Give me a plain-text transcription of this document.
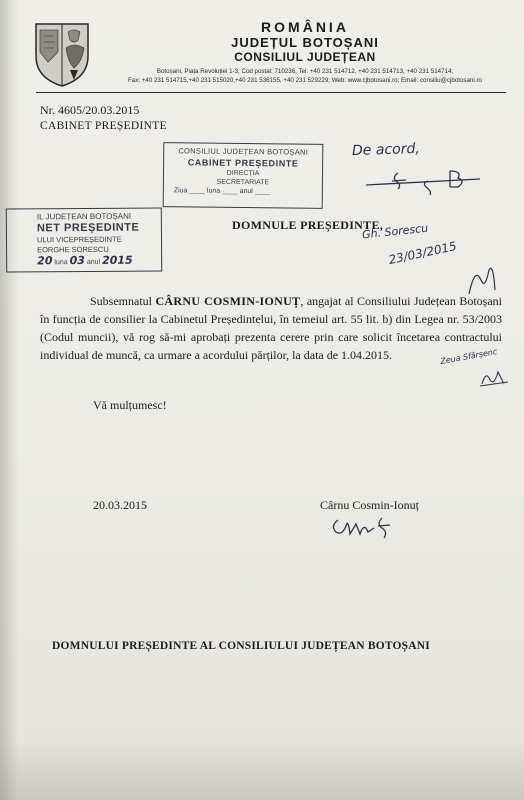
ROMÂNIA
JUDEȚUL BOTOȘANI
CONSILIUL JUDEȚEAN
Botoșani, Piața Revoluției 1-3, Cod postal: 710236, Tel: +40 231 514712, +40 231 514713, +40 231 514714;
Fax: +40 231 514715,+40 231 515020,+40 231 536155, +40 231 529229; Web: www.cjbotosani.ro; Email: consiliu@cjbotosani.ro
Nr. 4605/20.03.2015
CABINET PREȘEDINTE
CONSILIUL JUDEȚEAN BOTOȘANI
CABINET PREȘEDINTE
DIRECȚIA
SECRETARIATE
Ziua ____ luna ____ anul ____
IL JUDEȚEAN BOTOȘANI
NET PREȘEDINTE
ULUI VICEPREȘEDINTE
EORGHE SORESCU
20 luna 03 anul 2015
De acord,
E g B
DOMNULE PREȘEDINTE,
Gh. Sorescu
23/03/2015

Subsemnatul CÂRNU COSMIN-IONUȚ, angajat al Consiliului Județean Botoșani în funcția de consilier la Cabinetul Președintelui, în temeiul art. 55 lit. b) din Legea nr. 53/2003 (Codul muncii), vă rog să-mi aprobați prezenta cerere prin care solicit încetarea contractului individual de muncă, ca urmare a acordului părților, la data de 1.04.2015.	Zeua Sfârșenc
Vă mulțumesc!
20.03.2015	Cârnu Cosmin-Ionuț
DOMNULUI PREȘEDINTE AL CONSILIULUI JUDEȚEAN BOTOȘANI
